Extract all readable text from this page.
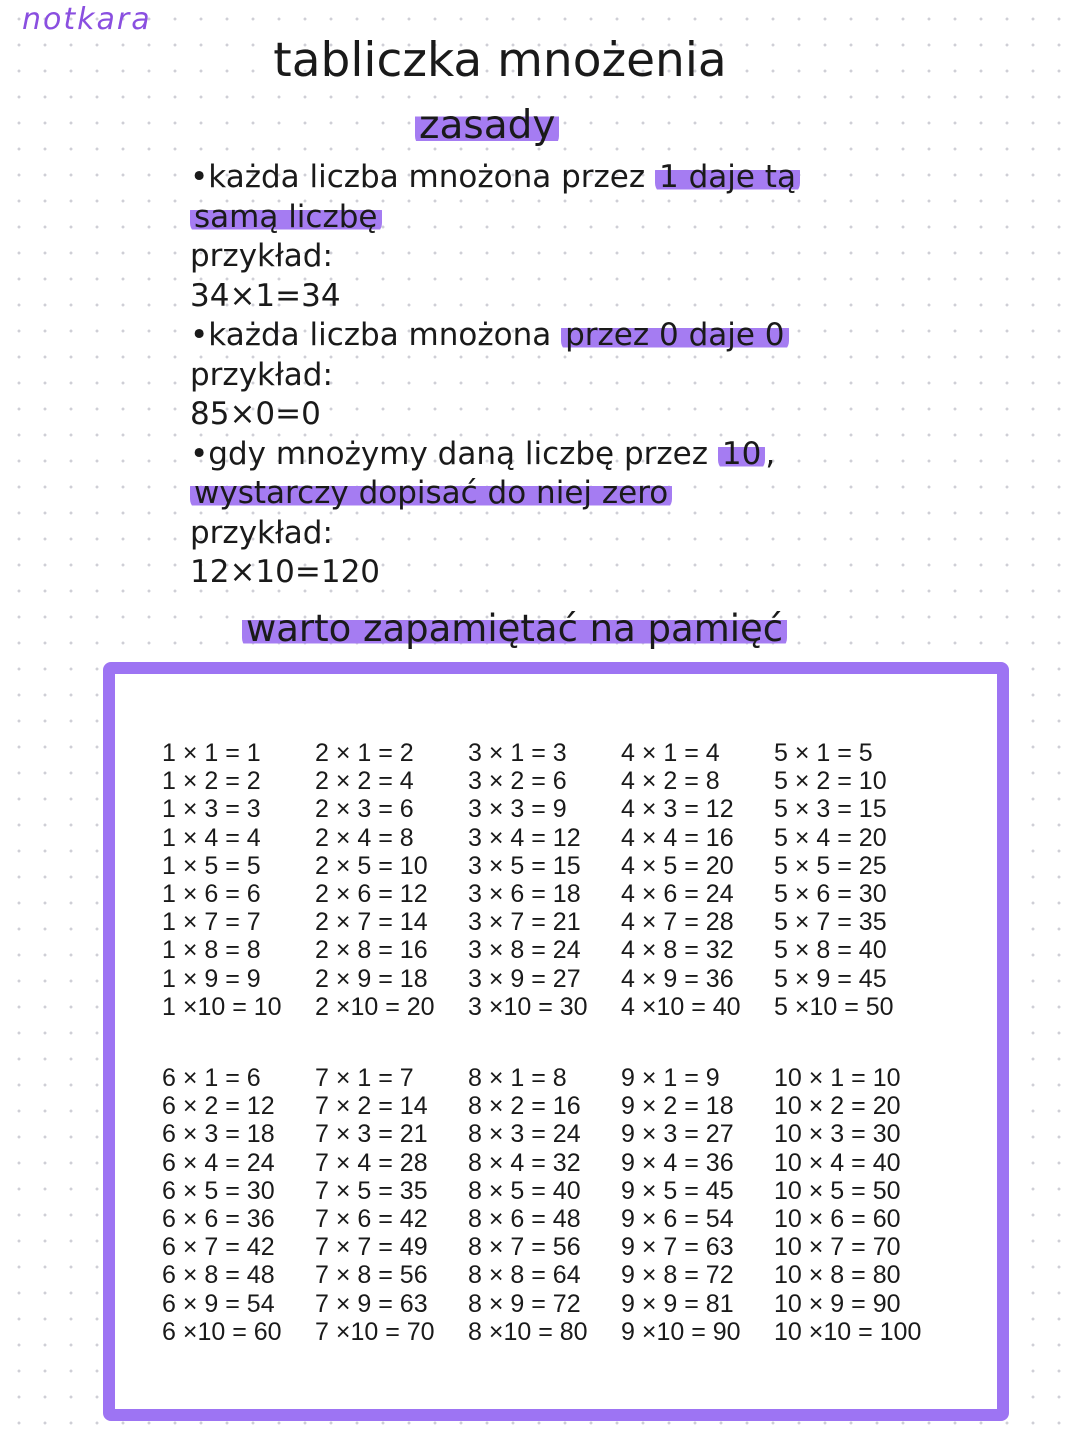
notkara
tabliczka mnożenia
zasady
•każda liczba mnożona przez 1 daje tą
samą liczbę
przykład:
34×1=34
•każda liczba mnożona przez 0 daje 0
przykład:
85×0=0
•gdy mnożymy daną liczbę przez 10 ,
wystarczy dopisać do niej zero
przykład:
12×10=120
warto zapamiętać na pamięć
1 × 1 = 1
1 × 2 = 2
1 × 3 = 3
1 × 4 = 4
1 × 5 = 5
1 × 6 = 6
1 × 7 = 7
1 × 8 = 8
1 × 9 = 9
1 ×10 = 10
2 × 1 = 2
2 × 2 = 4
2 × 3 = 6
2 × 4 = 8
2 × 5 = 10
2 × 6 = 12
2 × 7 = 14
2 × 8 = 16
2 × 9 = 18
2 ×10 = 20
3 × 1 = 3
3 × 2 = 6
3 × 3 = 9
3 × 4 = 12
3 × 5 = 15
3 × 6 = 18
3 × 7 = 21
3 × 8 = 24
3 × 9 = 27
3 ×10 = 30
4 × 1 = 4
4 × 2 = 8
4 × 3 = 12
4 × 4 = 16
4 × 5 = 20
4 × 6 = 24
4 × 7 = 28
4 × 8 = 32
4 × 9 = 36
4 ×10 = 40
5 × 1 = 5
5 × 2 = 10
5 × 3 = 15
5 × 4 = 20
5 × 5 = 25
5 × 6 = 30
5 × 7 = 35
5 × 8 = 40
5 × 9 = 45
5 ×10 = 50
6 × 1 = 6
6 × 2 = 12
6 × 3 = 18
6 × 4 = 24
6 × 5 = 30
6 × 6 = 36
6 × 7 = 42
6 × 8 = 48
6 × 9 = 54
6 ×10 = 60
7 × 1 = 7
7 × 2 = 14
7 × 3 = 21
7 × 4 = 28
7 × 5 = 35
7 × 6 = 42
7 × 7 = 49
7 × 8 = 56
7 × 9 = 63
7 ×10 = 70
8 × 1 = 8
8 × 2 = 16
8 × 3 = 24
8 × 4 = 32
8 × 5 = 40
8 × 6 = 48
8 × 7 = 56
8 × 8 = 64
8 × 9 = 72
8 ×10 = 80
9 × 1 = 9
9 × 2 = 18
9 × 3 = 27
9 × 4 = 36
9 × 5 = 45
9 × 6 = 54
9 × 7 = 63
9 × 8 = 72
9 × 9 = 81
9 ×10 = 90
10 × 1 = 10
10 × 2 = 20
10 × 3 = 30
10 × 4 = 40
10 × 5 = 50
10 × 6 = 60
10 × 7 = 70
10 × 8 = 80
10 × 9 = 90
10 ×10 = 100
